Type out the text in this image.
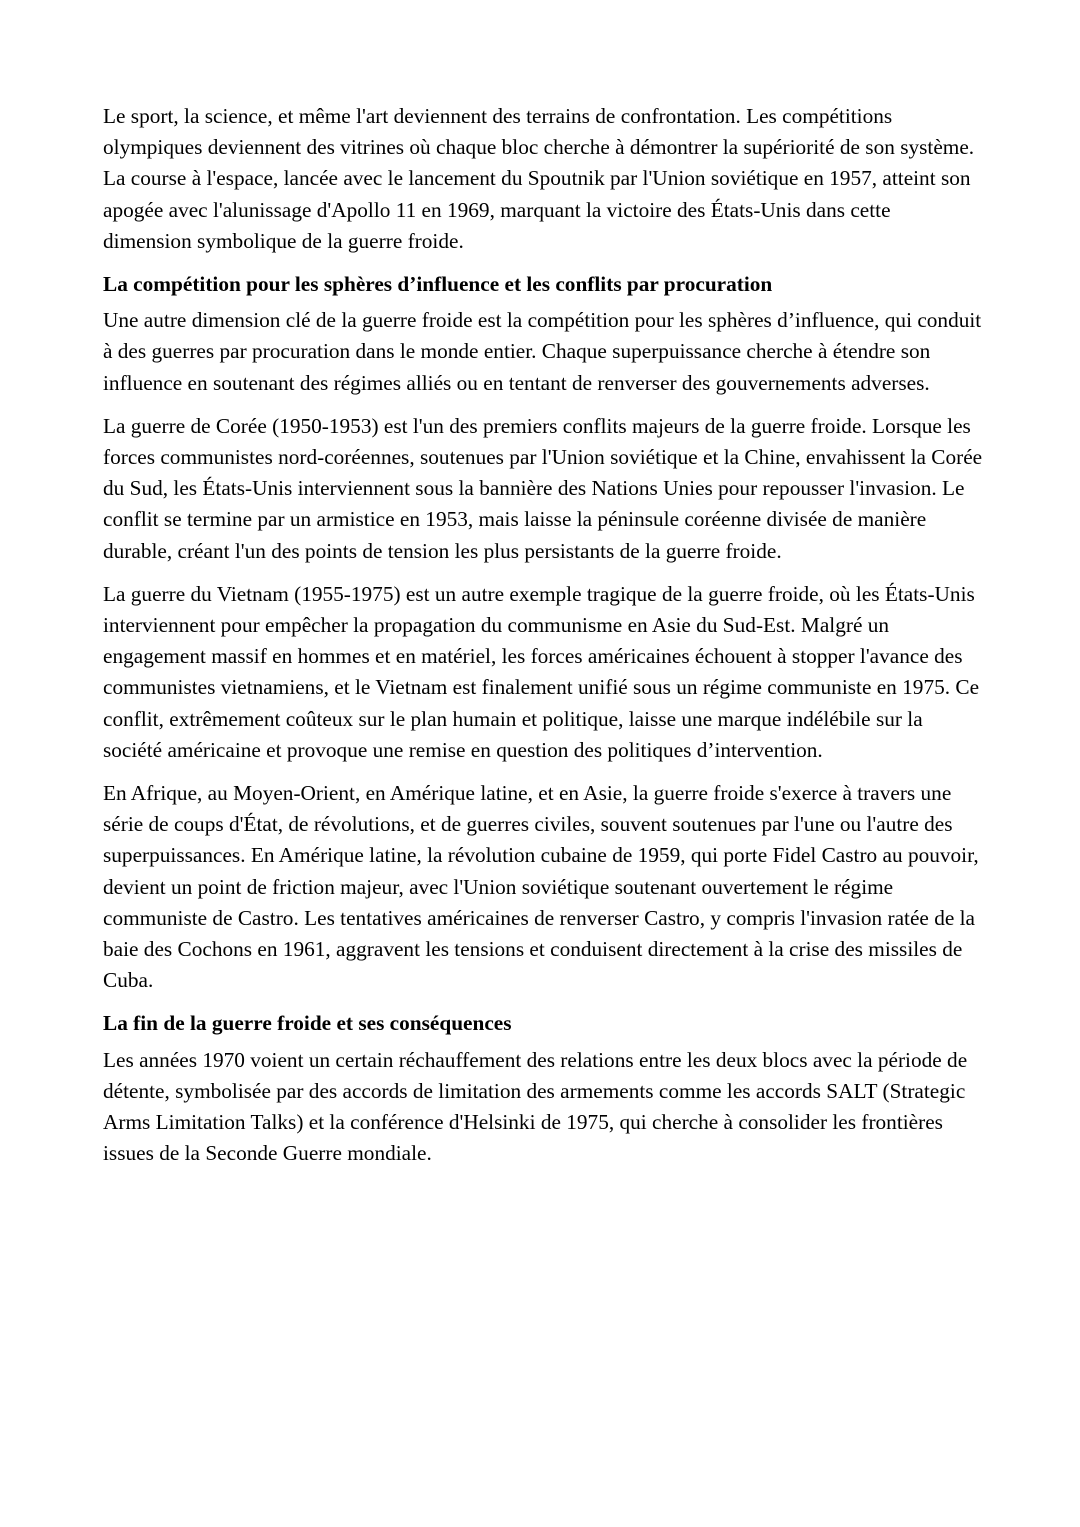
Le sport, la science, et même l'art deviennent des terrains de confrontation. Les compétitions olympiques deviennent des vitrines où chaque bloc cherche à démontrer la supériorité de son système. La course à l'espace, lancée avec le lancement du Spoutnik par l'Union soviétique en 1957, atteint son apogée avec l'alunissage d'Apollo 11 en 1969, marquant la victoire des États-Unis dans cette dimension symbolique de la guerre froide.

La compétition pour les sphères d’influence et les conflits par procuration

Une autre dimension clé de la guerre froide est la compétition pour les sphères d’influence, qui conduit à des guerres par procuration dans le monde entier. Chaque superpuissance cherche à étendre son influence en soutenant des régimes alliés ou en tentant de renverser des gouvernements adverses.

La guerre de Corée (1950-1953) est l'un des premiers conflits majeurs de la guerre froide. Lorsque les forces communistes nord-coréennes, soutenues par l'Union soviétique et la Chine, envahissent la Corée du Sud, les États-Unis interviennent sous la bannière des Nations Unies pour repousser l'invasion. Le conflit se termine par un armistice en 1953, mais laisse la péninsule coréenne divisée de manière durable, créant l'un des points de tension les plus persistants de la guerre froide.

La guerre du Vietnam (1955-1975) est un autre exemple tragique de la guerre froide, où les États-Unis interviennent pour empêcher la propagation du communisme en Asie du Sud-Est. Malgré un engagement massif en hommes et en matériel, les forces américaines échouent à stopper l'avance des communistes vietnamiens, et le Vietnam est finalement unifié sous un régime communiste en 1975. Ce conflit, extrêmement coûteux sur le plan humain et politique, laisse une marque indélébile sur la société américaine et provoque une remise en question des politiques d’intervention.

En Afrique, au Moyen-Orient, en Amérique latine, et en Asie, la guerre froide s'exerce à travers une série de coups d'État, de révolutions, et de guerres civiles, souvent soutenues par l'une ou l'autre des superpuissances. En Amérique latine, la révolution cubaine de 1959, qui porte Fidel Castro au pouvoir, devient un point de friction majeur, avec l'Union soviétique soutenant ouvertement le régime communiste de Castro. Les tentatives américaines de renverser Castro, y compris l'invasion ratée de la baie des Cochons en 1961, aggravent les tensions et conduisent directement à la crise des missiles de Cuba.

La fin de la guerre froide et ses conséquences

Les années 1970 voient un certain réchauffement des relations entre les deux blocs avec la période de détente, symbolisée par des accords de limitation des armements comme les accords SALT (Strategic Arms Limitation Talks) et la conférence d'Helsinki de 1975, qui cherche à consolider les frontières issues de la Seconde Guerre mondiale.
